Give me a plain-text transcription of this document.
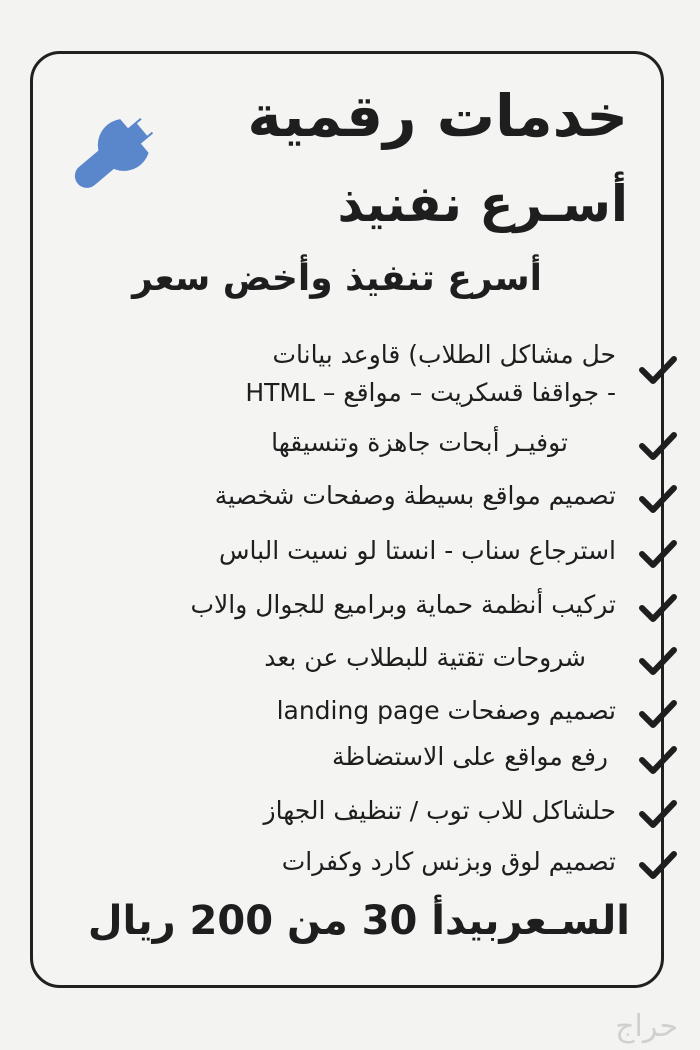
خدمات رقمية
أسـرع نفنيذ
أسرع تنفيذ وأخض سعر
حل مشاكل الطلاب) قاوعد بيانات
- جواقفا قسكريت – مواقع – HTML
توفيـر أبحات جاهزة وتنسيقها
تصميم مواقع بسيطة وصفحات شخصية
استرجاع سناب - انستا لو نسيت الباس
تركيب أنظمة حماية وبراميع للجوال والاب
شروحات تقتية للبطلاب عن بعد
تصميم وصفحات landing page
رفع مواقع على الاستضاظة
حلشاكل للاب توب / تنظيف الجهاز
تصميم لوق وبزنس كارد وكفرات
السـعربيدأ 30 من 200 ريال
حراج
